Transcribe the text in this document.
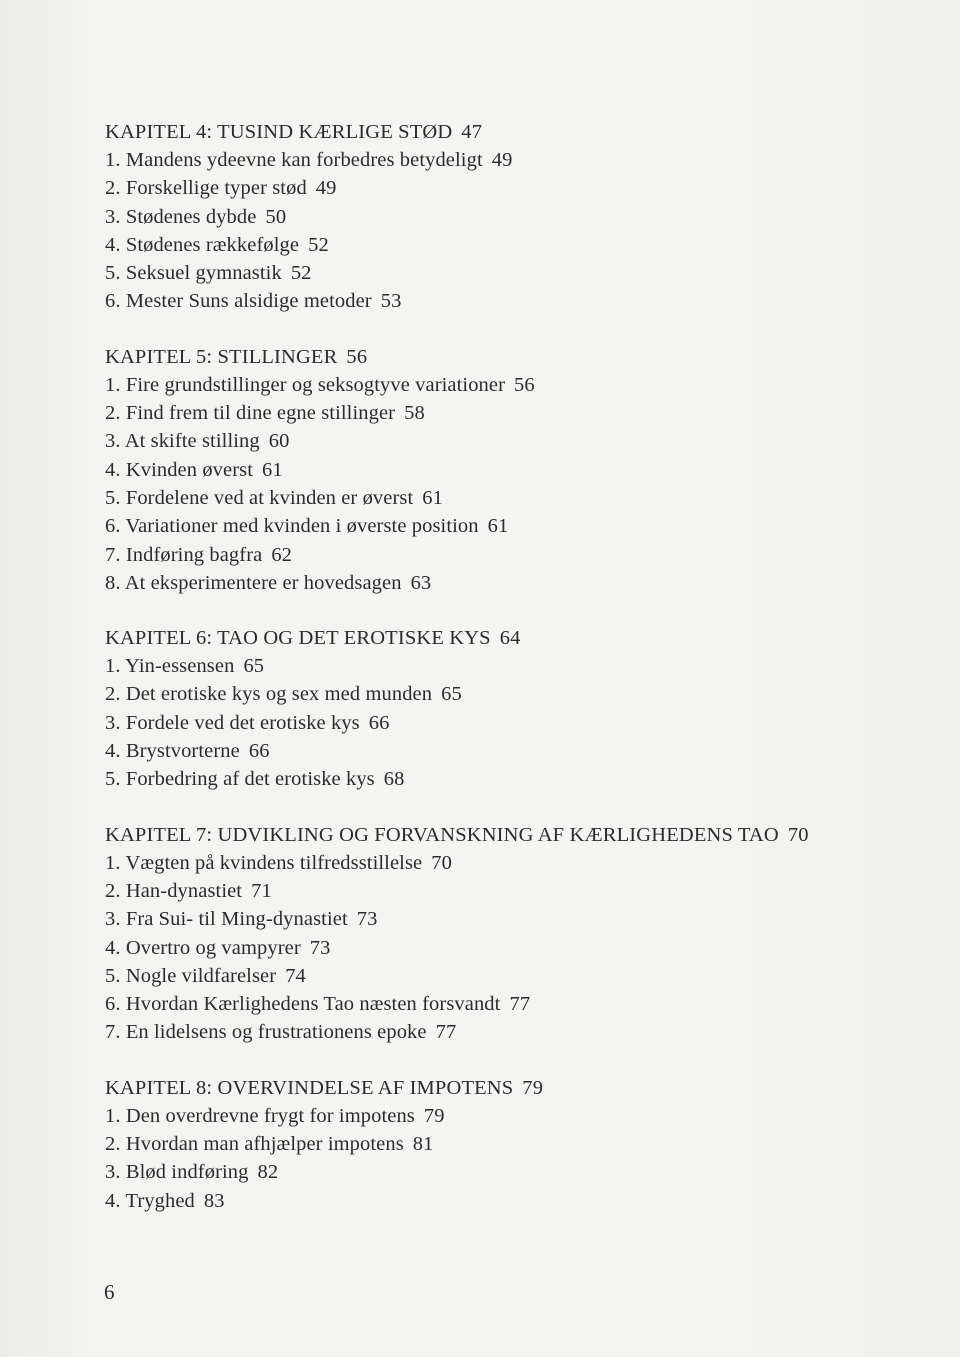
KAPITEL 4: TUSIND KÆRLIGE STØD 47
1. Mandens ydeevne kan forbedres betydeligt 49
2. Forskellige typer stød 49
3. Stødenes dybde 50
4. Stødenes rækkefølge 52
5. Seksuel gymnastik 52
6. Mester Suns alsidige metoder 53
KAPITEL 5: STILLINGER 56
1. Fire grundstillinger og seksogtyve variationer 56
2. Find frem til dine egne stillinger 58
3. At skifte stilling 60
4. Kvinden øverst 61
5. Fordelene ved at kvinden er øverst 61
6. Variationer med kvinden i øverste position 61
7. Indføring bagfra 62
8. At eksperimentere er hovedsagen 63
KAPITEL 6: TAO OG DET EROTISKE KYS 64
1. Yin-essensen 65
2. Det erotiske kys og sex med munden 65
3. Fordele ved det erotiske kys 66
4. Brystvorterne 66
5. Forbedring af det erotiske kys 68
KAPITEL 7: UDVIKLING OG FORVANSKNING AF KÆRLIGHEDENS TAO 70
1. Vægten på kvindens tilfredsstillelse 70
2. Han-dynastiet 71
3. Fra Sui- til Ming-dynastiet 73
4. Overtro og vampyrer 73
5. Nogle vildfarelser 74
6. Hvordan Kærlighedens Tao næsten forsvandt 77
7. En lidelsens og frustrationens epoke 77
KAPITEL 8: OVERVINDELSE AF IMPOTENS 79
1. Den overdrevne frygt for impotens 79
2. Hvordan man afhjælper impotens 81
3. Blød indføring 82
4. Tryghed 83
6
